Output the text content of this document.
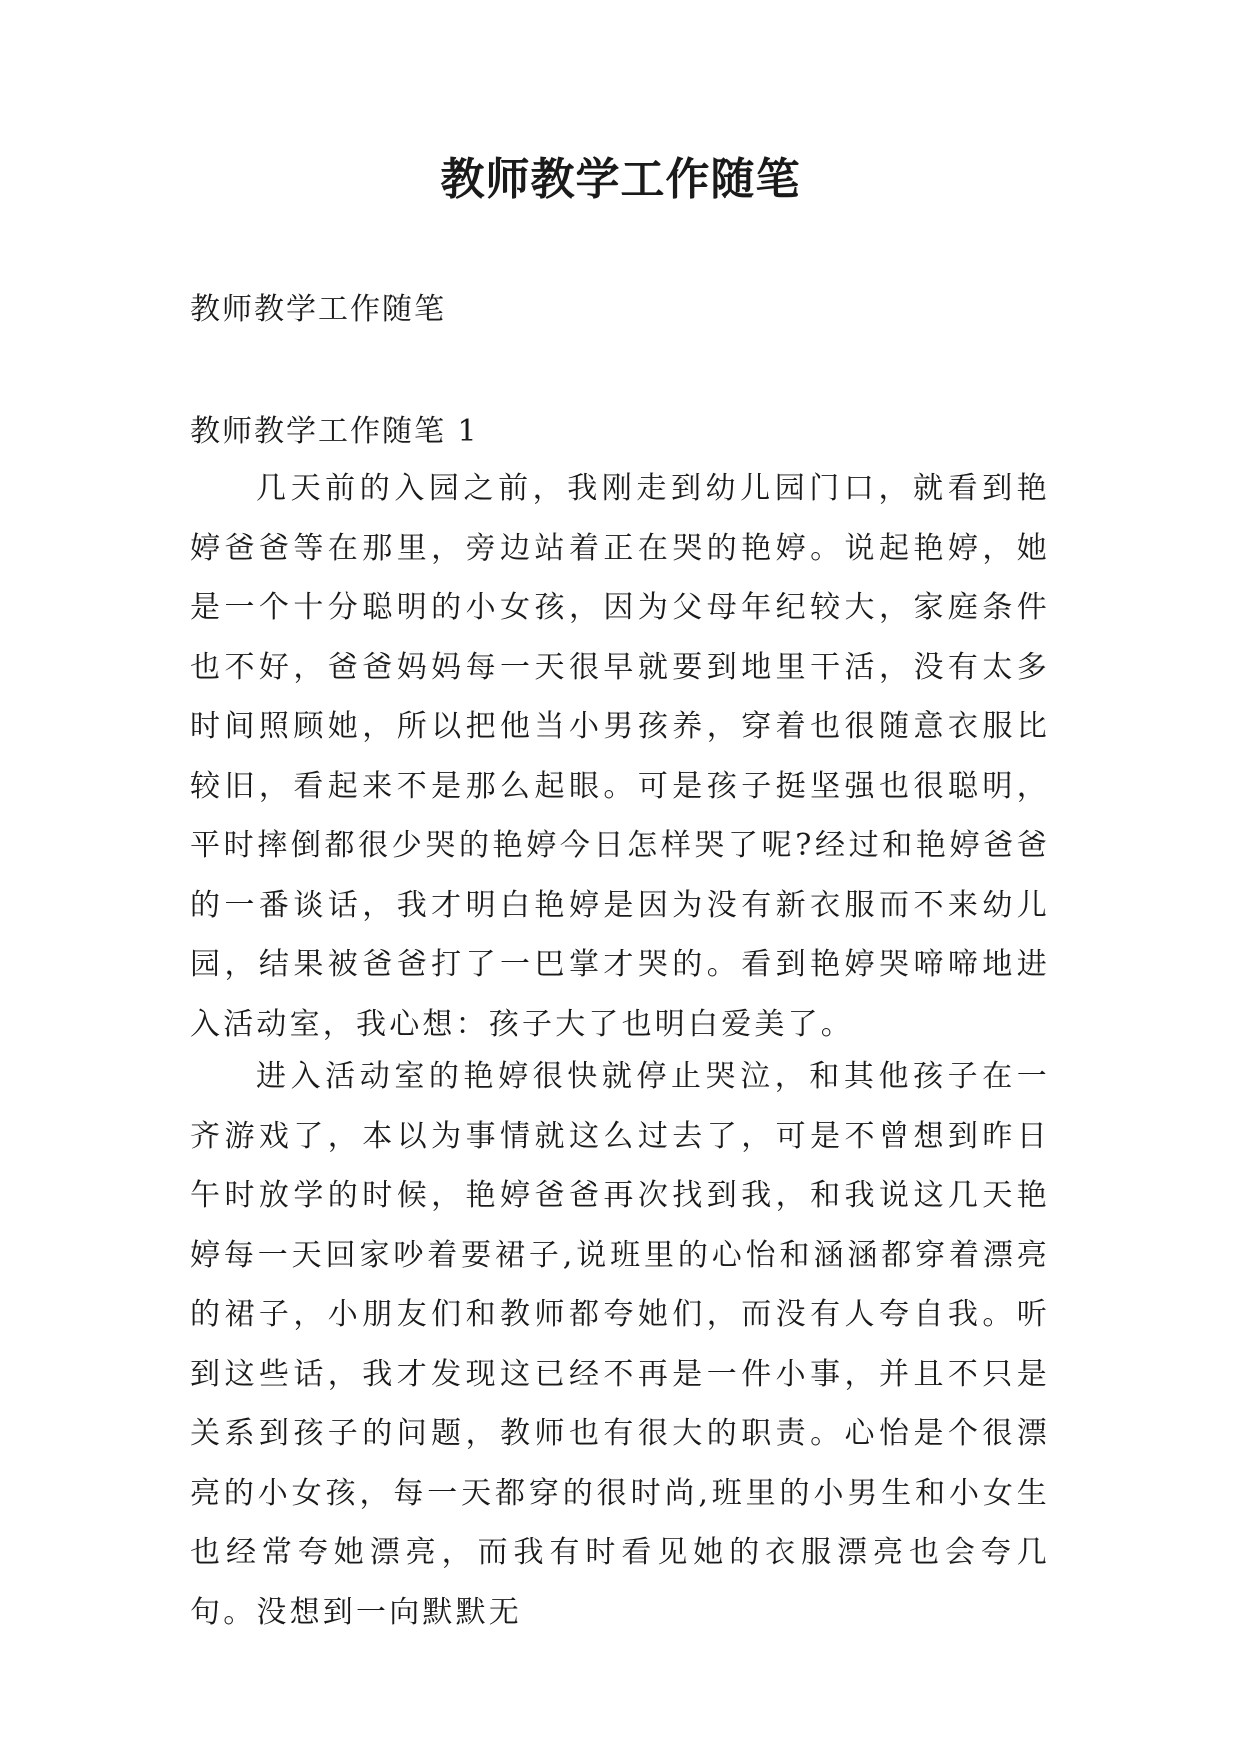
教师教学工作随笔
教师教学工作随笔
教师教学工作随笔 1

几天前的入园之前，我刚走到幼儿园门口，就看到艳婷爸爸等在那里，旁边站着正在哭的艳婷。说起艳婷，她是一个十分聪明的小女孩，因为父母年纪较大，家庭条件也不好，爸爸妈妈每一天很早就要到地里干活，没有太多时间照顾她，所以把他当小男孩养，穿着也很随意衣服比较旧，看起来不是那么起眼。可是孩子挺坚强也很聪明，平时摔倒都很少哭的艳婷今日怎样哭了呢?经过和艳婷爸爸的一番谈话，我才明白艳婷是因为没有新衣服而不来幼儿园，结果被爸爸打了一巴掌才哭的。看到艳婷哭啼啼地进入活动室，我心想：孩子大了也明白爱美了。

进入活动室的艳婷很快就停止哭泣，和其他孩子在一齐游戏了，本以为事情就这么过去了，可是不曾想到昨日午时放学的时候，艳婷爸爸再次找到我，和我说这几天艳婷每一天回家吵着要裙子,说班里的心怡和涵涵都穿着漂亮的裙子，小朋友们和教师都夸她们，而没有人夸自我。听到这些话，我才发现这已经不再是一件小事，并且不只是关系到孩子的问题，教师也有很大的职责。心怡是个很漂亮的小女孩，每一天都穿的很时尚,班里的小男生和小女生也经常夸她漂亮，而我有时看见她的衣服漂亮也会夸几句。没想到一向默默无
